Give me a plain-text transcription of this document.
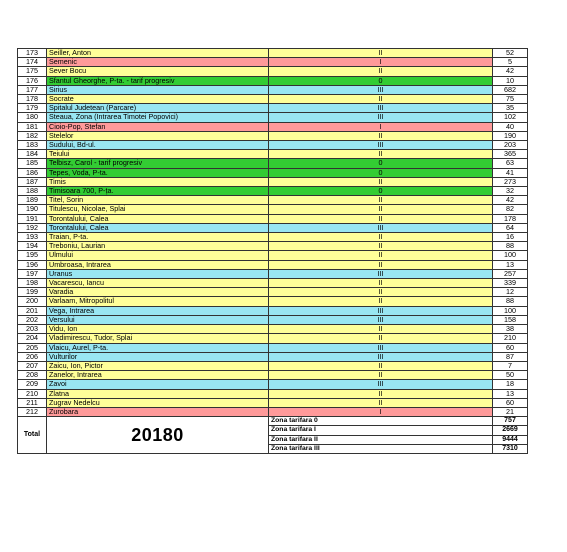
173	Seiller, Anton	II	52
174	Semenic	I	5
175	Sever Bocu	II	42
176	Sfantul Gheorghe, P-ta. - tarif progresiv	0	10
177	Sirius	III	682
178	Socrate	II	75
179	Spitalul Judetean (Parcare)	III	35
180	Steaua, Zona (Intrarea Timotei Popovici)	III	102
181	Cioio-Pop, Stefan	I	40
182	Stelelor	II	190
183	Sudului, Bd-ul.	III	203
184	Teiului	II	365
185	Telbisz, Carol - tarif progresiv	0	63
186	Tepes, Voda, P-ta.	0	41
187	Timis	II	273
188	Timisoara 700, P-ța.	0	32
189	Titel, Sorin	II	42
190	Titulescu, Nicolae, Splai	II	82
191	Torontalului, Calea	II	178
192	Torontalului, Calea	III	64
193	Traian, P-ta.	II	16
194	Treboniu, Laurian	II	88
195	Ulmului	II	100
196	Umbroasa, Intrarea	II	13
197	Uranus	III	257
198	Vacarescu, Iancu	II	339
199	Varadia	II	12
200	Varlaam, Mitropolitul	II	88
201	Vega, Intrarea	III	100
202	Versului	III	158
203	Vidu, Ion	II	38
204	Vladimirescu, Tudor, Splai	II	210
205	Vlaicu, Aurel, P-ta.	III	60
206	Vulturilor	III	87
207	Zaicu, Ion, Pictor	II	7
208	Zanelor, Intrarea	II	50
209	Zavoi	III	18
210	Zlatna	II	13
211	Zugrav Nedelcu	II	60
212	Zurobara	I	21
Total	20180	Zona tarifara 0	757
		Zona tarifara I	2669
		Zona tarifara II	9444
		Zona tarifara III	7310
